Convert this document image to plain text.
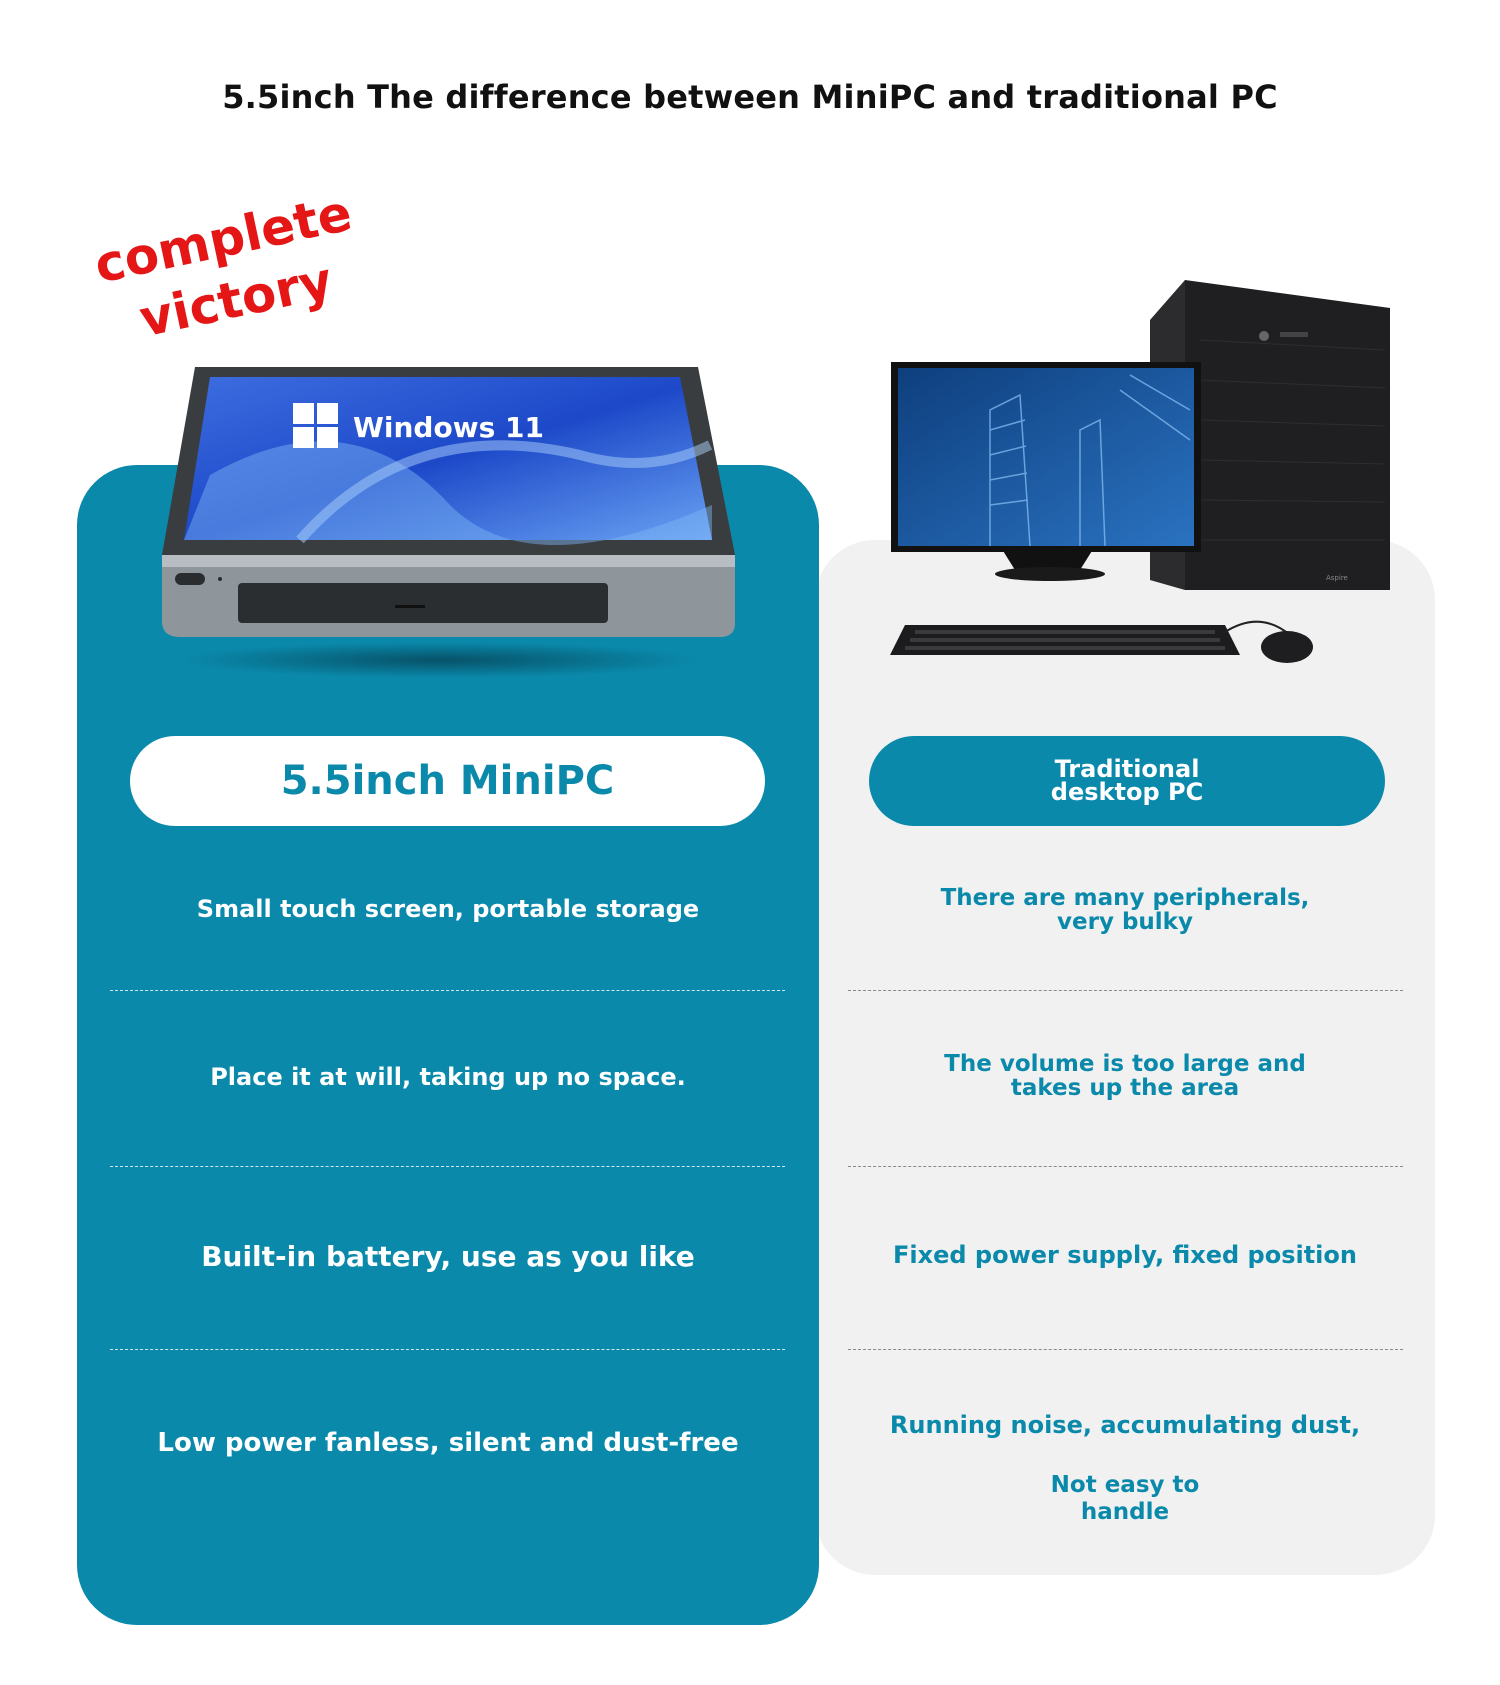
5.5inch The difference between MiniPC and traditional PC
Windows 11
complete victory
Aspire
5.5inch MiniPC	Traditional desktop PC
Small touch screen, portable storage
Place it at will, taking up no space.
Built-in battery, use as you like
Low power fanless, silent and dust-free
There are many peripherals, very bulky
The volume is too large and takes up the area
Fixed power supply, fixed position
Running noise, accumulating dust,
Not easy to handle
